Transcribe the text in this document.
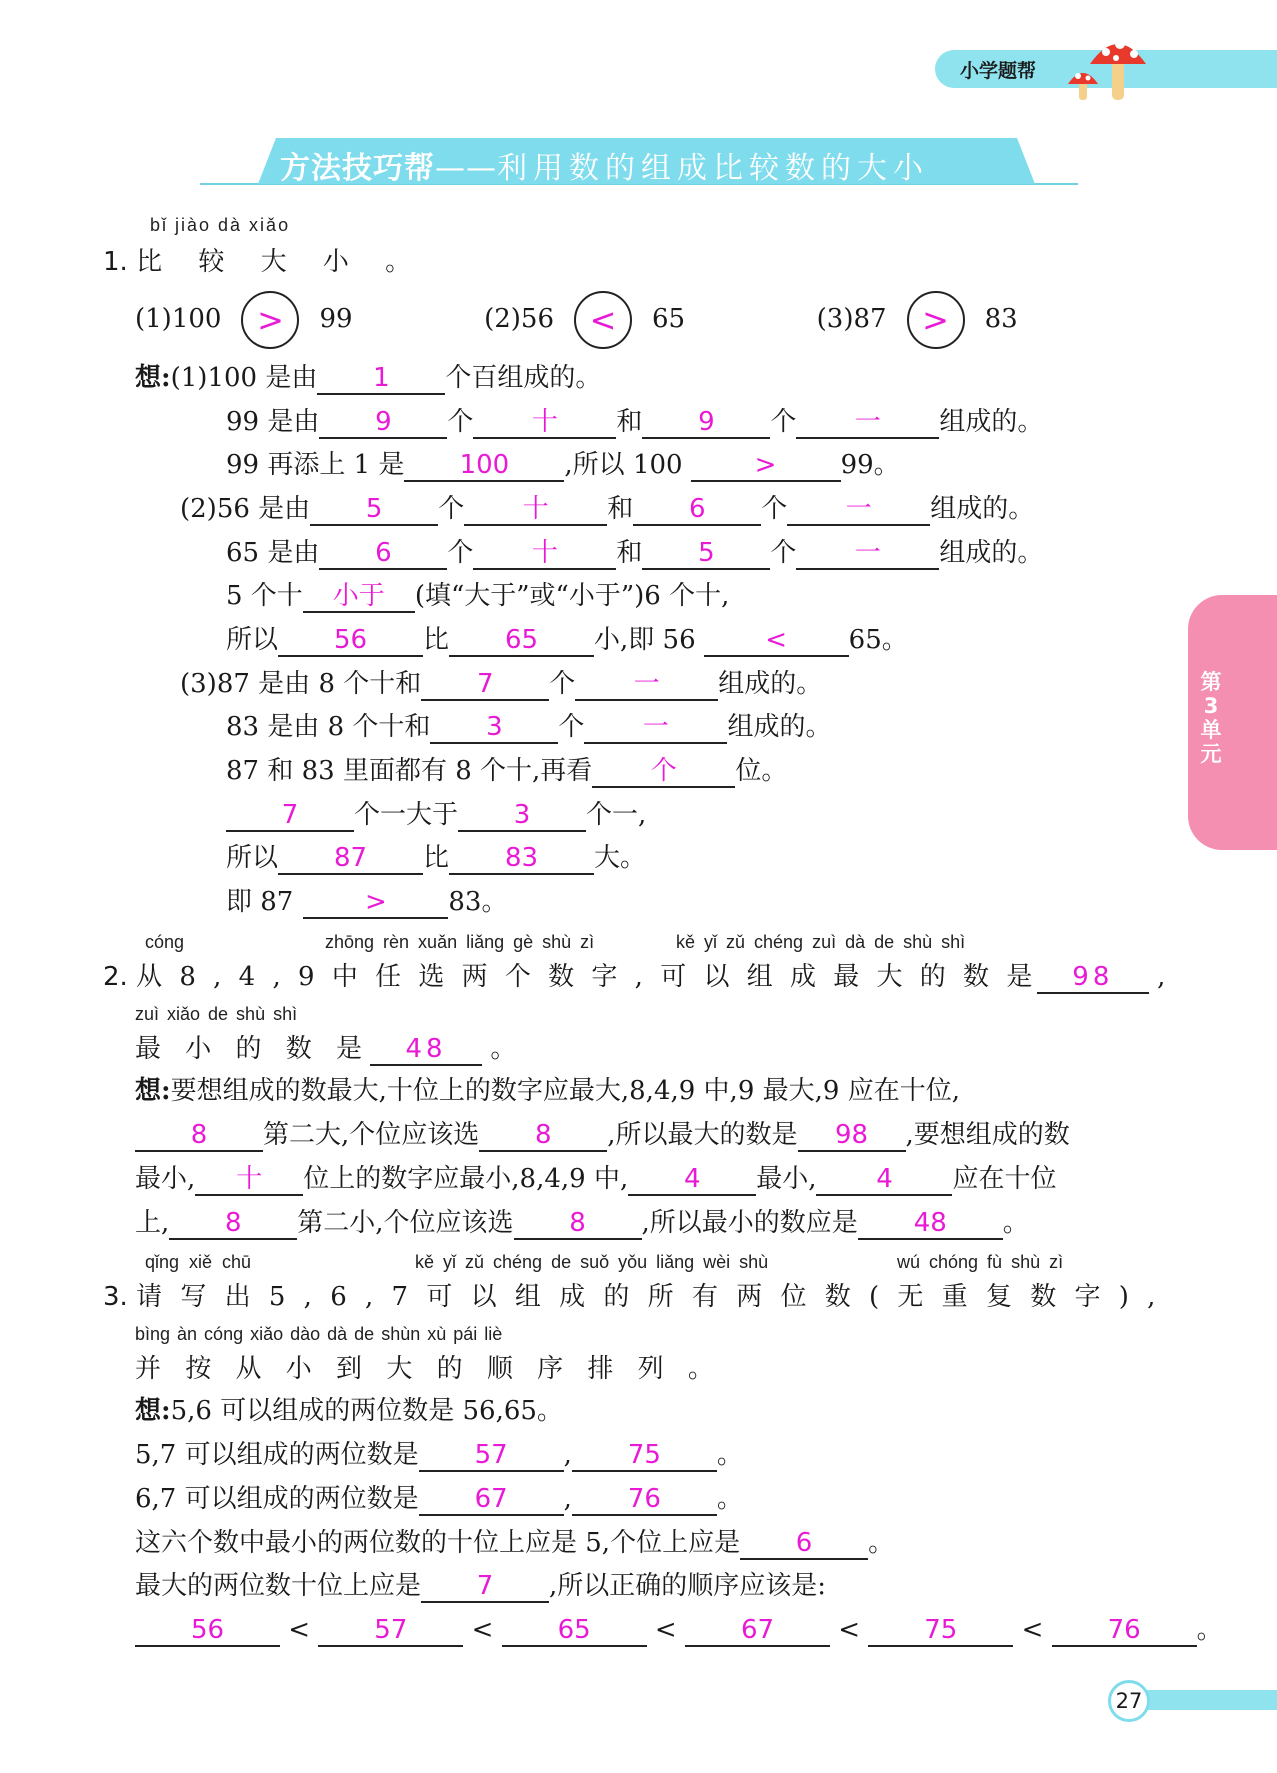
小学题帮
方法技巧帮——利用数的组成比较数的大小
第3单元
bǐ jiào dà xiǎo
1. 比 较 大 小 。
(1)100 > 99	(2)56 < 65	(3)87 > 83
想:(1)100 是由 1 个百组成的。
99 是由 9 个 十 和 9 个 一 组成的。
99 再添上 1 是 100 ,所以 100	> 99。
(2)56 是由 5 个 十 和 6 个 一 组成的。
65 是由 6 个 十 和 5 个 一 组成的。
5 个十 小于 (填“大于”或“小于”)6 个十,
所以 56 比 65 小,即 56	< 65。
(3)87 是由 8 个十和 7 个 一 组成的。
83 是由 8 个十和 3 个 一 组成的。
87 和 83 里面都有 8 个十,再看 个 位。
7 个一大于 3 个一,
所以 87 比 83 大。
即 87	> 83。
cóng	zhōng rèn xuǎn liǎng gè shù zì	kě yǐ zǔ chéng zuì dà de shù shì
2. 从 8 , 4 , 9 中 任 选 两 个 数 字 , 可 以 组 成 最 大 的 数 是 98 ,
zuì xiǎo de shù shì
最 小 的 数 是 48 。
想:要想组成的数最大,十位上的数字应最大,8,4,9 中,9 最大,9 应在十位,
8 第二大,个位应该选 8 ,所以最大的数是 98 ,要想组成的数
最小, 十 位上的数字应最小,8,4,9 中, 4 最小, 4 应在十位
上, 8 第二小,个位应该选 8 ,所以最小的数应是 48 。
qǐng xiě chū	kě yǐ zǔ chéng de suǒ yǒu liǎng wèi shù	wú chóng fù shù zì
3. 请 写 出 5 , 6 , 7 可 以 组 成 的 所 有 两 位 数 ( 无 重 复 数 字 ) ,
bìng àn cóng xiǎo dào dà de shùn xù pái liè
并 按 从 小 到 大 的 顺 序 排 列 。
想:5,6 可以组成的两位数是 56,65。
5,7 可以组成的两位数是 57 , 75 。
6,7 可以组成的两位数是 67 , 76 。
这六个数中最小的两位数的十位上应是 5,个位上应是 6 。
最大的两位数十位上应是 7 ,所以正确的顺序应该是:
56 < 57 < 65 < 67 < 75 < 76 。
27
